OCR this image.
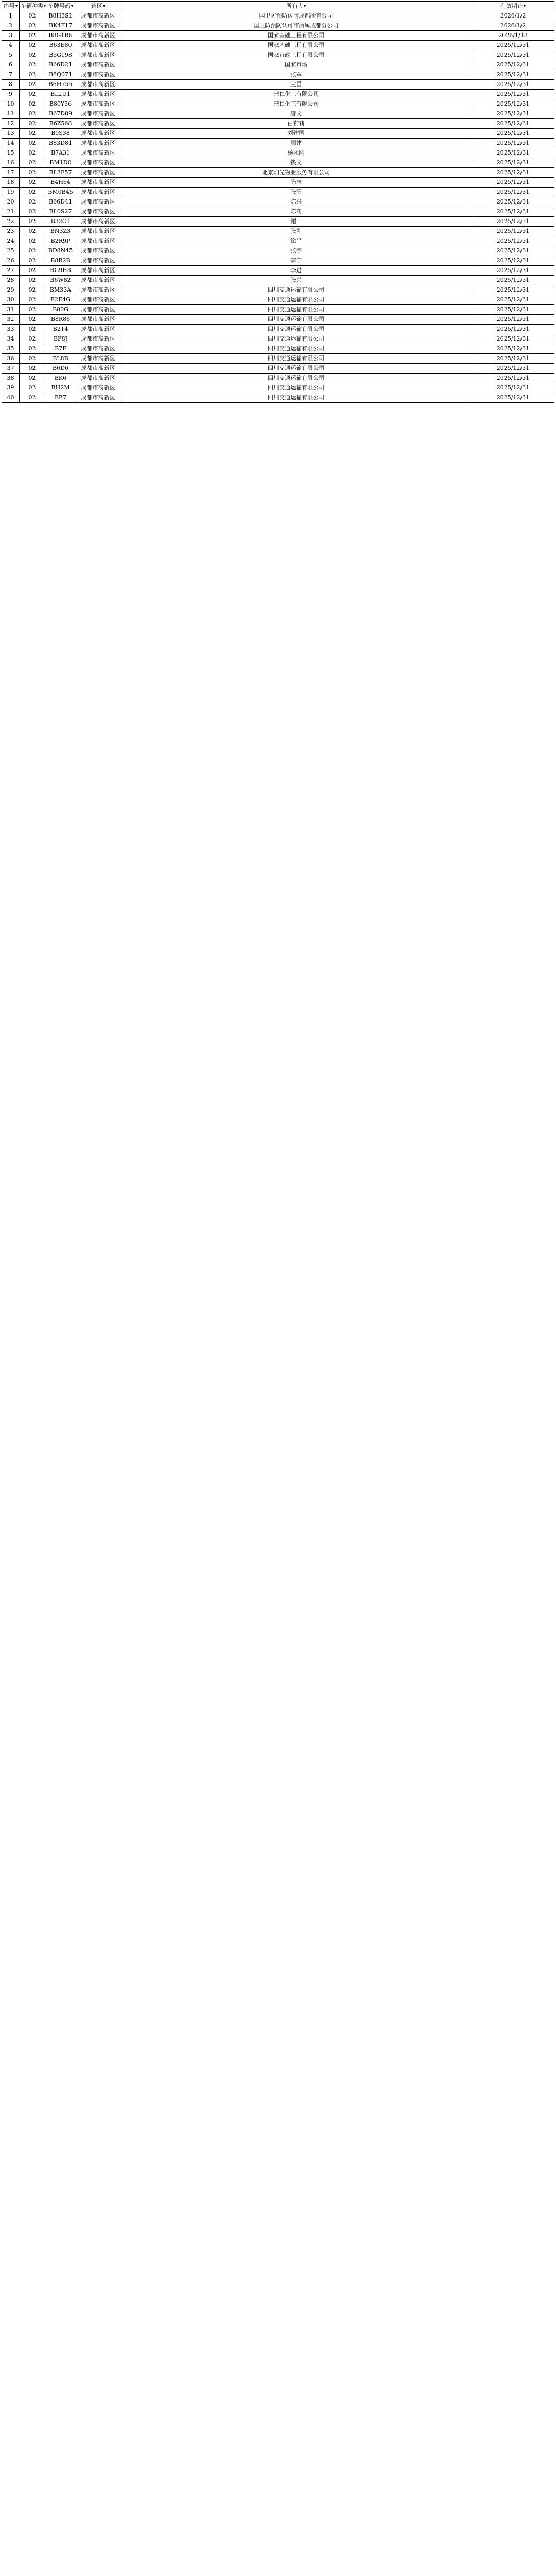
序号▾	车辆种类▾	车牌号码▾	辖区▾	所有人▾	有效期止▾
1	02	B8H3S1	成都市高新区	国卫防预防认可成都所有公司	2026/1/2
2	02	BK4F17	成都市高新区	国卫防预防认可市所属成都分公司	2026/1/2
3	02	B8G1R6	成都市高新区	国家基础工程有限公司	2026/1/18
4	02	B63E80	成都市高新区	国家基础工程有限公司	2025/12/31
5	02	B5G198	成都市高新区	国家市政工程有限公司	2025/12/31
6	02	B66D21	成都市高新区	国家市场	2025/12/31
7	02	B8Q071	成都市高新区	张军	2025/12/31
8	02	B6H755	成都市高新区	宝昌	2025/12/31
9	02	BL2U1	成都市高新区	巴仁化工有限公司	2025/12/31
10	02	B80Y56	成都市高新区	巴仁化工有限公司	2025/12/31
11	02	B67D89	成都市高新区	唐文	2025/12/31
12	02	B6Z568	成都市高新区	白莉莉	2025/12/31
13	02	B9S38	成都市高新区	刘建国	2025/12/31
14	02	B83D81	成都市高新区	周建	2025/12/31
15	02	B7A31	成都市高新区	杨永刚	2025/12/31
16	02	BM1D0	成都市高新区	钱文	2025/12/31
17	02	BL3F57	成都市高新区	北京阳光物业服务有限公司	2025/12/31
18	02	B4H64	成都市高新区	陈志	2025/12/31
19	02	BM0B45	成都市高新区	张阳	2025/12/31
20	02	B66D41	成都市高新区	陈兴	2025/12/31
21	02	BL0S27	成都市高新区	陈莉	2025/12/31
22	02	B32C1	成都市高新区	谢一	2025/12/31
23	02	BN3Z3	成都市高新区	张刚	2025/12/31
24	02	B2R9P	成都市高新区	徐平	2025/12/31
25	02	BD8N45	成都市高新区	张宇	2025/12/31
26	02	B8R2B	成都市高新区	李宁	2025/12/31
27	02	BG9H3	成都市高新区	李进	2025/12/31
28	02	B6W82	成都市高新区	张兴	2025/12/31
29	02	BM33A	成都市高新区	四川交通运输有限公司	2025/12/31
30	02	B2E4G	成都市高新区	四川交通运输有限公司	2025/12/31
31	02	B80G	成都市高新区	四川交通运输有限公司	2025/12/31
32	02	B8R86	成都市高新区	四川交通运输有限公司	2025/12/31
33	02	B2T4	成都市高新区	四川交通运输有限公司	2025/12/31
34	02	BF8J	成都市高新区	四川交通运输有限公司	2025/12/31
35	02	B7F	成都市高新区	四川交通运输有限公司	2025/12/31
36	02	BL8B	成都市高新区	四川交通运输有限公司	2025/12/31
37	02	B6D6	成都市高新区	四川交通运输有限公司	2025/12/31
38	02	BK6	成都市高新区	四川交通运输有限公司	2025/12/31
39	02	BH2M	成都市高新区	四川交通运输有限公司	2025/12/31
40	02	BE7	成都市高新区	四川交通运输有限公司	2025/12/31
